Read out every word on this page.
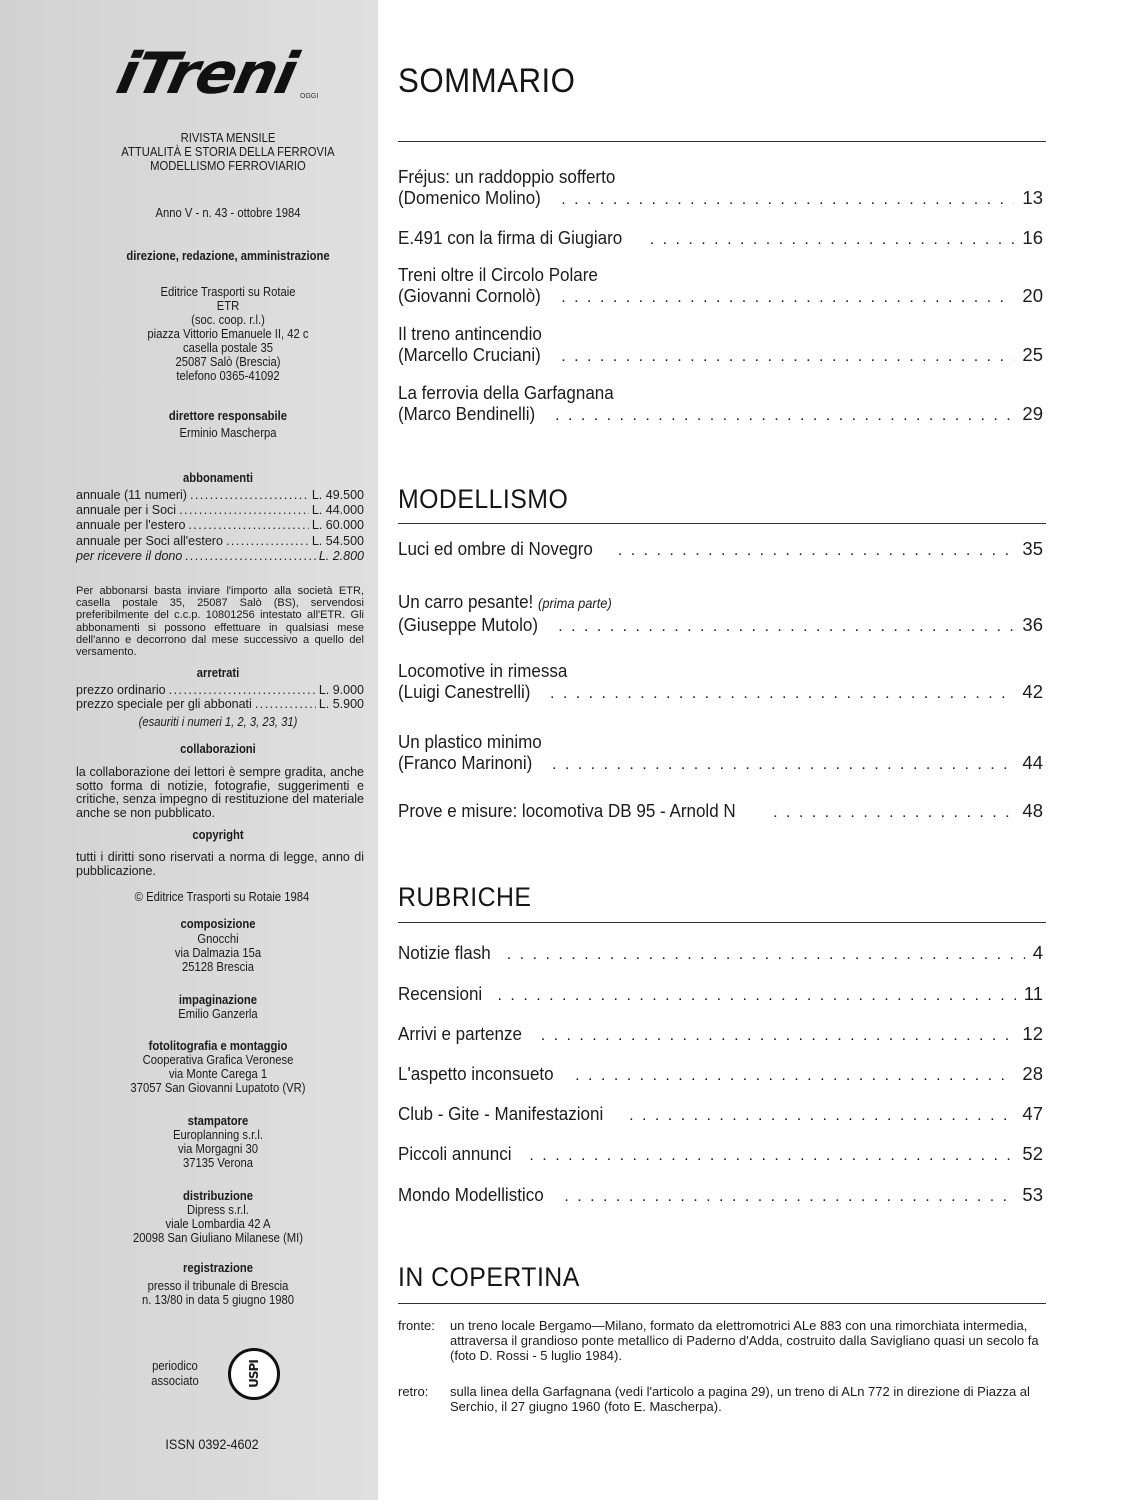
iTreni
OGGI
RIVISTA MENSILE
ATTUALITÀ E STORIA DELLA FERROVIA
MODELLISMO FERROVIARIO
Anno V - n. 43 - ottobre 1984
direzione, redazione, amministrazione
Editrice Trasporti su Rotaie
ETR
(soc. coop. r.l.)
piazza Vittorio Emanuele II, 42 c
casella postale 35
25087 Salò (Brescia)
telefono 0365-41092
direttore responsabile
Erminio Mascherpa
abbonamenti
annuale (11 numeri) . . .	L. 49.500
annuale per i Soci . . .	L. 44.000
annuale per l'estero . . .	L. 60.000
annuale per Soci all'estero . . .	L. 54.500
per ricevere il dono . . .	L. 2.800
Per abbonarsi basta inviare l'importo alla società ETR, casella postale 35, 25087 Salò (BS), servendosi preferibilmente del c.c.p. 10801256 intestato all'ETR. Gli abbonamenti si possono effettuare in qualsiasi mese dell'anno e decorrono dal mese successivo a quello del versamento.
arretrati
prezzo ordinario . . .	L. 9.000
prezzo speciale per gli abbonati . . .	L. 5.900
(esauriti i numeri 1, 2, 3, 23, 31)
collaborazioni
la collaborazione dei lettori è sempre gradita, anche sotto forma di notizie, fotografie, suggerimenti e critiche, senza impegno di restituzione del materiale anche se non pubblicato.
copyright
tutti i diritti sono riservati a norma di legge, anno di pubblicazione.
© Editrice Trasporti su Rotaie 1984
composizione
Gnocchi
via Dalmazia 15a
25128 Brescia
impaginazione
Emilio Ganzerla
fotolitografia e montaggio
Cooperativa Grafica Veronese
via Monte Carega 1
37057 San Giovanni Lupatoto (VR)
stampatore
Europlanning s.r.l.
via Morgagni 30
37135 Verona
distribuzione
Dipress s.r.l.
viale Lombardia 42 A
20098 San Giuliano Milanese (MI)
registrazione
presso il tribunale di Brescia
n. 13/80 in data 5 giugno 1980
periodico
associato	USPI
ISSN 0392-4602
SOMMARIO
Fréjus: un raddoppio sofferto
(Domenico Molino) . . .	13
E.491 con la firma di Giugiaro . . .	16
Treni oltre il Circolo Polare
(Giovanni Cornolò) . . .	20
Il treno antincendio
(Marcello Cruciani) . . .	25
La ferrovia della Garfagnana
(Marco Bendinelli) . . .	29
MODELLISMO
Luci ed ombre di Novegro . . .	35
Un carro pesante! (prima parte)
(Giuseppe Mutolo) . . .	36
Locomotive in rimessa
(Luigi Canestrelli) . . .	42
Un plastico minimo
(Franco Marinoni) . . .	44
Prove e misure: locomotiva DB 95 - Arnold N . . .	48
RUBRICHE
Notizie flash . . .	4
Recensioni . . .	11
Arrivi e partenze . . .	12
L'aspetto inconsueto . . .	28
Club - Gite - Manifestazioni . . .	47
Piccoli annunci . . .	52
Mondo Modellistico . . .	53
IN COPERTINA
fronte:	un treno locale Bergamo—Milano, formato da elettromotrici ALe 883 con una rimorchiata intermedia, attraversa il grandioso ponte metallico di Paderno d'Adda, costruito dalla Savigliano quasi un secolo fa (foto D. Rossi - 5 luglio 1984).
retro:	sulla linea della Garfagnana (vedi l'articolo a pagina 29), un treno di ALn 772 in direzione di Piazza al Serchio, il 27 giugno 1960 (foto E. Mascherpa).
